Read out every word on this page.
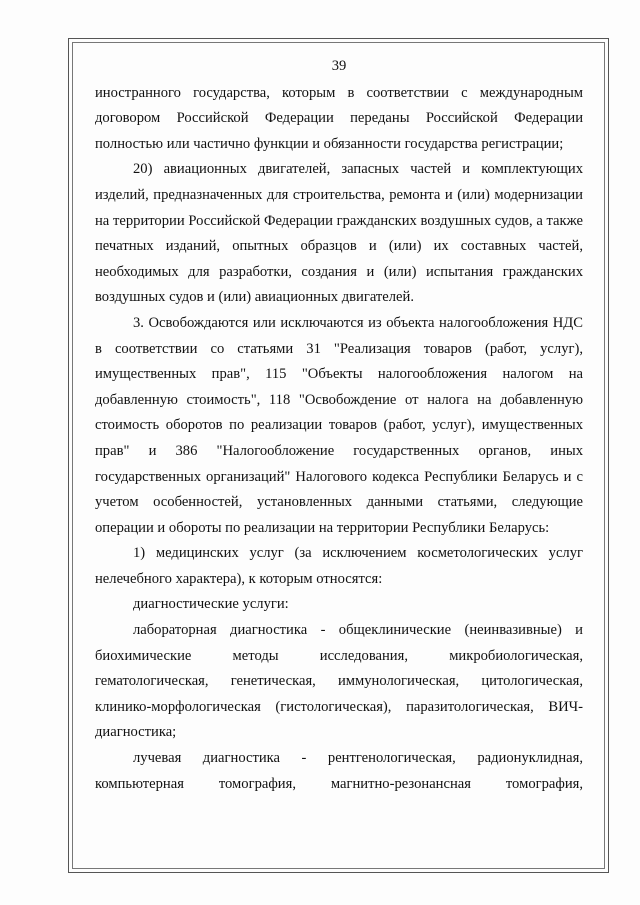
39

иностранного государства, которым в соответствии с международным договором Российской Федерации переданы Российской Федерации полностью или частично функции и обязанности государства регистрации;

20) авиационных двигателей, запасных частей и комплектующих изделий, предназначенных для строительства, ремонта и (или) модернизации на территории Российской Федерации гражданских воздушных судов, а также печатных изданий, опытных образцов и (или) их составных частей, необходимых для разработки, создания и (или) испытания гражданских воздушных судов и (или) авиационных двигателей.

3. Освобождаются или исключаются из объекта налогообложения НДС в соответствии со статьями 31 "Реализация товаров (работ, услуг), имущественных прав", 115 "Объекты налогообложения налогом на добавленную стоимость", 118 "Освобождение от налога на добавленную стоимость оборотов по реализации товаров (работ, услуг), имущественных прав" и 386 "Налогообложение государственных органов, иных государственных организаций" Налогового кодекса Республики Беларусь и с учетом особенностей, установленных данными статьями, следующие операции и обороты по реализации на территории Республики Беларусь:

1) медицинских услуг (за исключением косметологических услуг нелечебного характера), к которым относятся:

диагностические услуги:

лабораторная диагностика - общеклинические (неинвазивные) и биохимические методы исследования, микробиологическая, гематологическая, генетическая, иммунологическая, цитологическая, клинико-морфологическая (гистологическая), паразитологическая, ВИЧ-диагностика;

лучевая диагностика - рентгенологическая, радионуклидная, компьютерная томография, магнитно-резонансная томография,
